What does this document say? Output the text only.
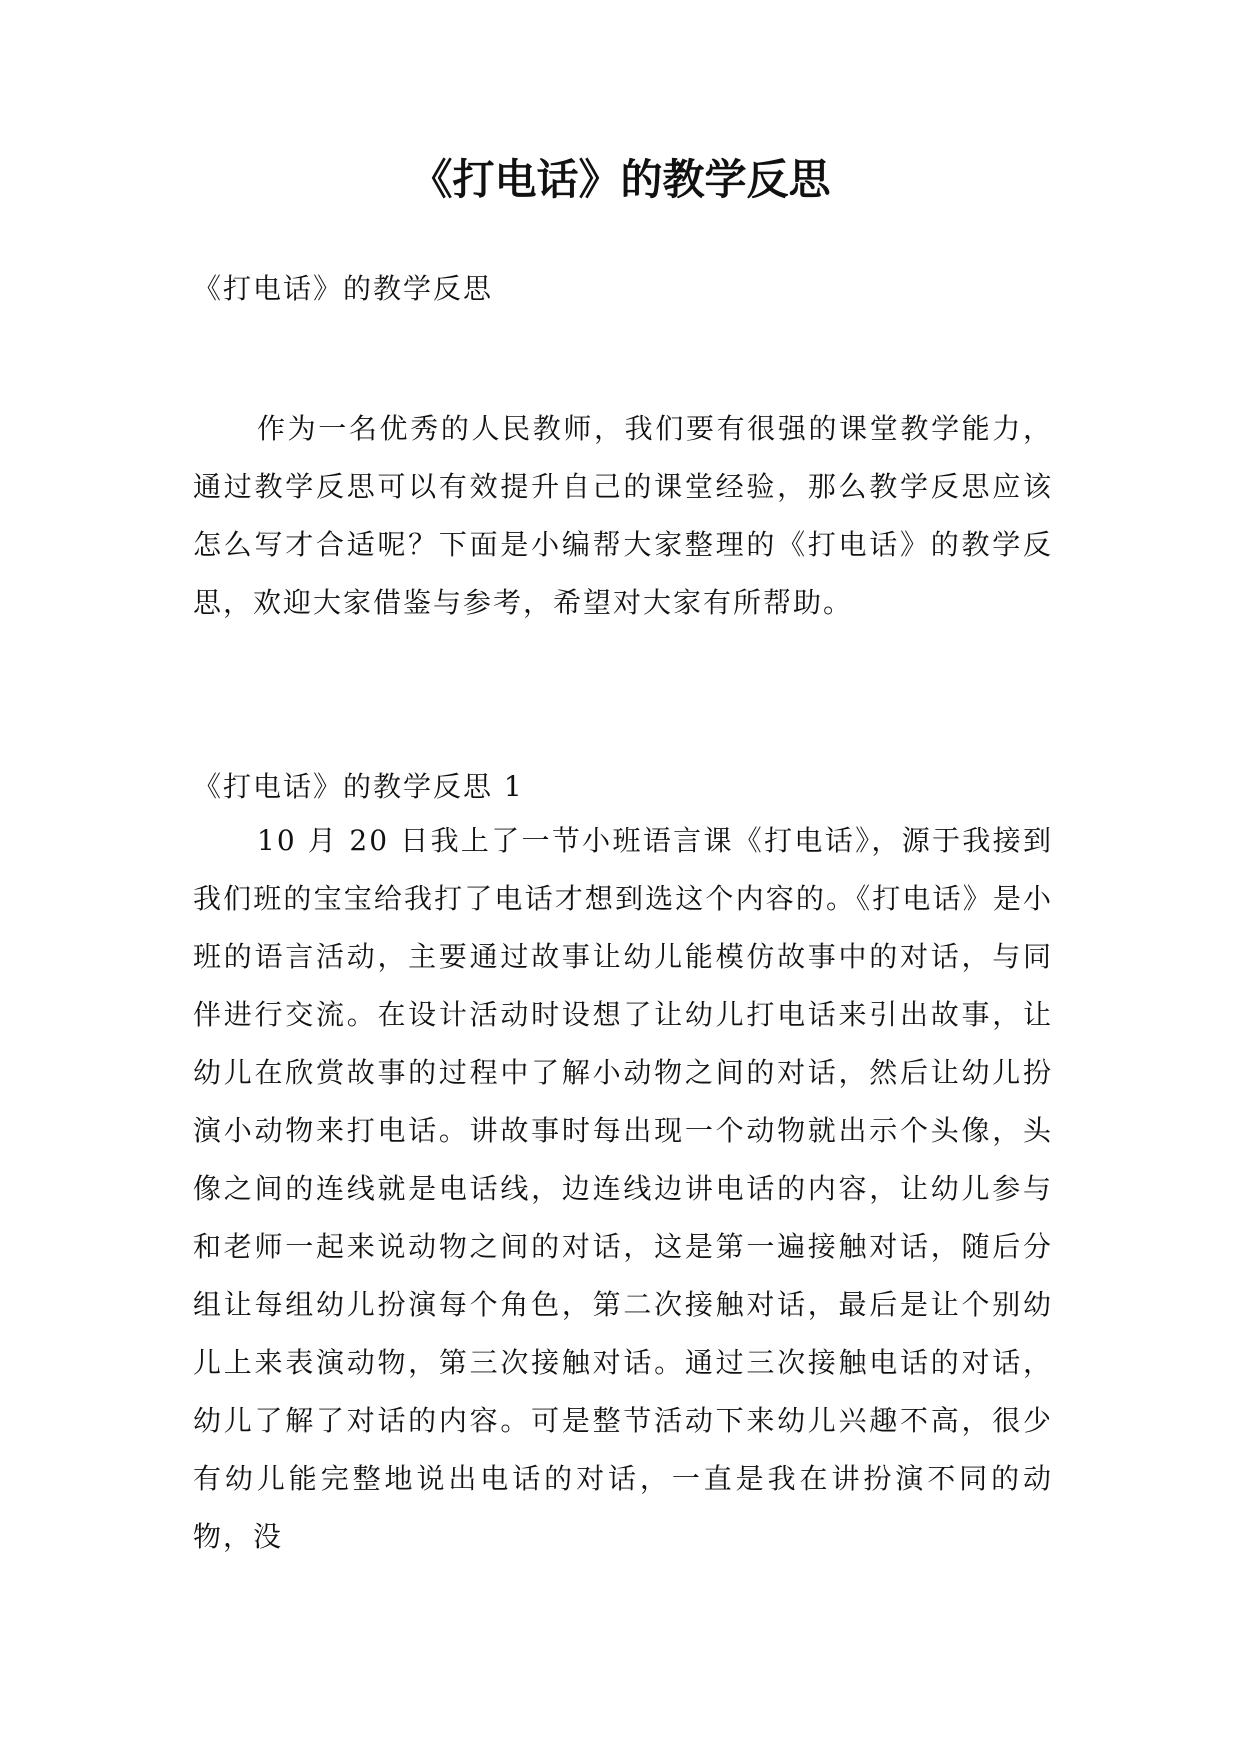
《打电话》的教学反思

《打电话》的教学反思

作为一名优秀的人民教师，我们要有很强的课堂教学能力，通过教学反思可以有效提升自己的课堂经验，那么教学反思应该怎么写才合适呢？下面是小编帮大家整理的《打电话》的教学反思，欢迎大家借鉴与参考，希望对大家有所帮助。

《打电话》的教学反思 1

10 月 20 日我上了一节小班语言课《打电话》，源于我接到我们班的宝宝给我打了电话才想到选这个内容的。《打电话》是小班的语言活动，主要通过故事让幼儿能模仿故事中的对话，与同伴进行交流。在设计活动时设想了让幼儿打电话来引出故事，让幼儿在欣赏故事的过程中了解小动物之间的对话，然后让幼儿扮演小动物来打电话。讲故事时每出现一个动物就出示个头像，头像之间的连线就是电话线，边连线边讲电话的内容，让幼儿参与和老师一起来说动物之间的对话，这是第一遍接触对话，随后分组让每组幼儿扮演每个角色，第二次接触对话，最后是让个别幼儿上来表演动物，第三次接触对话。通过三次接触电话的对话，幼儿了解了对话的内容。可是整节活动下来幼儿兴趣不高，很少有幼儿能完整地说出电话的对话，一直是我在讲扮演不同的动物，没
